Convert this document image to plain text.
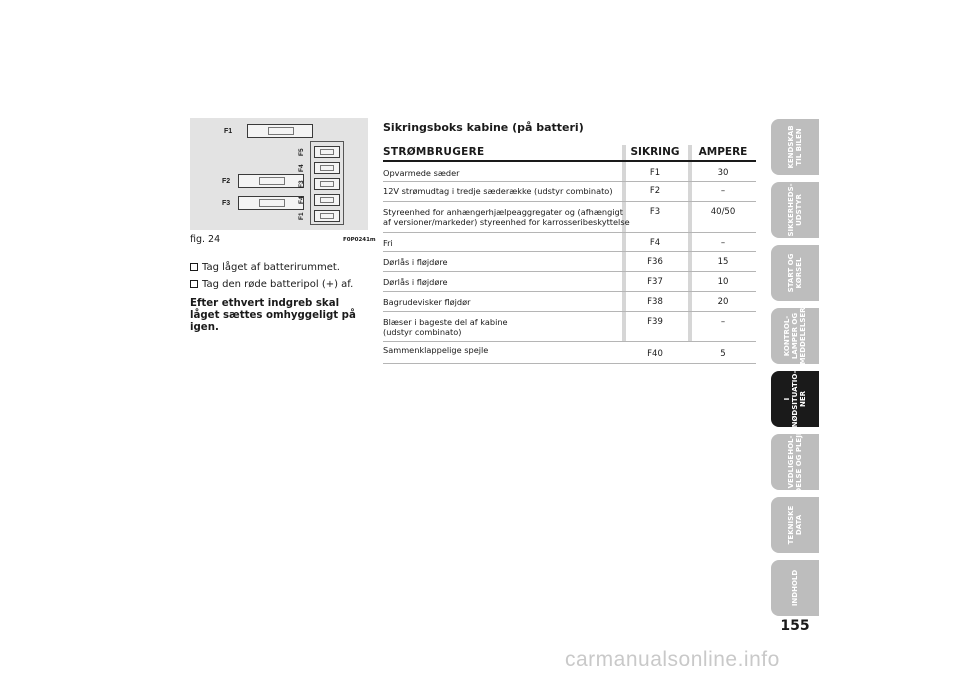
F1
F2
F3
F1
F4
F3
F4
F5
fig. 24	F0P0241m
Tag låget af batterirummet.
Tag den røde batteripol (+) af.
Efter ethvert indgreb skal låget sættes omhyggeligt på igen.
Sikringsboks kabine (på batteri)
STRØMBRUGERE	SIKRING	AMPERE
Opvarmede sæder	F1	30
12V strømudtag i tredje sæderække (udstyr combinato)	F2	–
Styreenhed for anhængerhjælpeaggregater og (afhængigt
af versioner/markeder) styreenhed for karrosseribeskyttelse
F3	40/50
Fri	F4	–
Dørlås i fløjdøre	F36	15
Dørlås i fløjdøre	F37	10
Bagrudevisker fløjdør	F38	20
Blæser i bageste del af kabine
(udstyr combinato)
F39	–
Sammenklappelige spejle	F40	5
KENDSKAB
TIL BILEN
SIKKERHEDS-
UDSTYR
START OG
KØRSEL
KONTROL-
LAMPER OG
MEDDELELSER
I
NØDSITUATIO-
NER
VEDLIGEHOL-
DELSE OG PLEJE
TEKNISKE
DATA
INDHOLD
155
carmanualsonline.info
